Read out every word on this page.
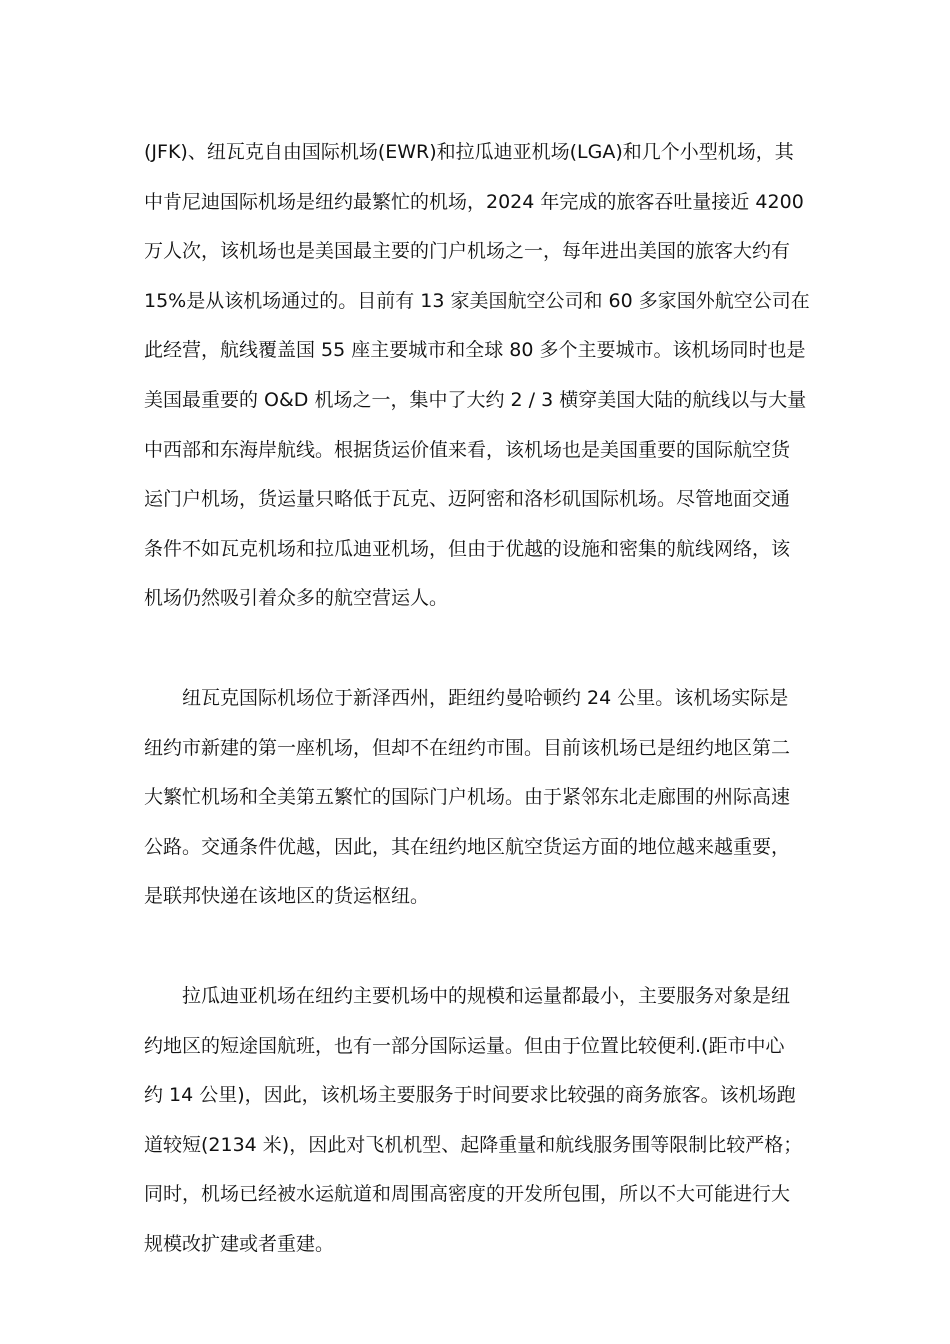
(JFK)、纽瓦克自由国际机场(EWR)和拉瓜迪亚机场(LGA)和几个小型机场，其
中肯尼迪国际机场是纽约最繁忙的机场，2024 年完成的旅客吞吐量接近 4200
万人次，该机场也是美国最主要的门户机场之一，每年进出美国的旅客大约有
15%是从该机场通过的。目前有 13 家美国航空公司和 60 多家国外航空公司在
此经营，航线覆盖国 55 座主要城市和全球 80 多个主要城市。该机场同时也是
美国最重要的 O&D 机场之一，集中了大约 2 / 3 横穿美国大陆的航线以与大量
中西部和东海岸航线。根据货运价值来看，该机场也是美国重要的国际航空货
运门户机场，货运量只略低于瓦克、迈阿密和洛杉矶国际机场。尽管地面交通
条件不如瓦克机场和拉瓜迪亚机场，但由于优越的设施和密集的航线网络，该
机场仍然吸引着众多的航空营运人。
纽瓦克国际机场位于新泽西州，距纽约曼哈顿约 24 公里。该机场实际是
纽约市新建的第一座机场，但却不在纽约市围。目前该机场已是纽约地区第二
大繁忙机场和全美第五繁忙的国际门户机场。由于紧邻东北走廊围的州际高速
公路。交通条件优越，因此，其在纽约地区航空货运方面的地位越来越重要，
是联邦快递在该地区的货运枢纽。
拉瓜迪亚机场在纽约主要机场中的规模和运量都最小，主要服务对象是纽
约地区的短途国航班，也有一部分国际运量。但由于位置比较便利.(距市中心
约 14 公里)，因此，该机场主要服务于时间要求比较强的商务旅客。该机场跑
道较短(2134 米)，因此对飞机机型、起降重量和航线服务围等限制比较严格；
同时，机场已经被水运航道和周围高密度的开发所包围，所以不大可能进行大
规模改扩建或者重建。
